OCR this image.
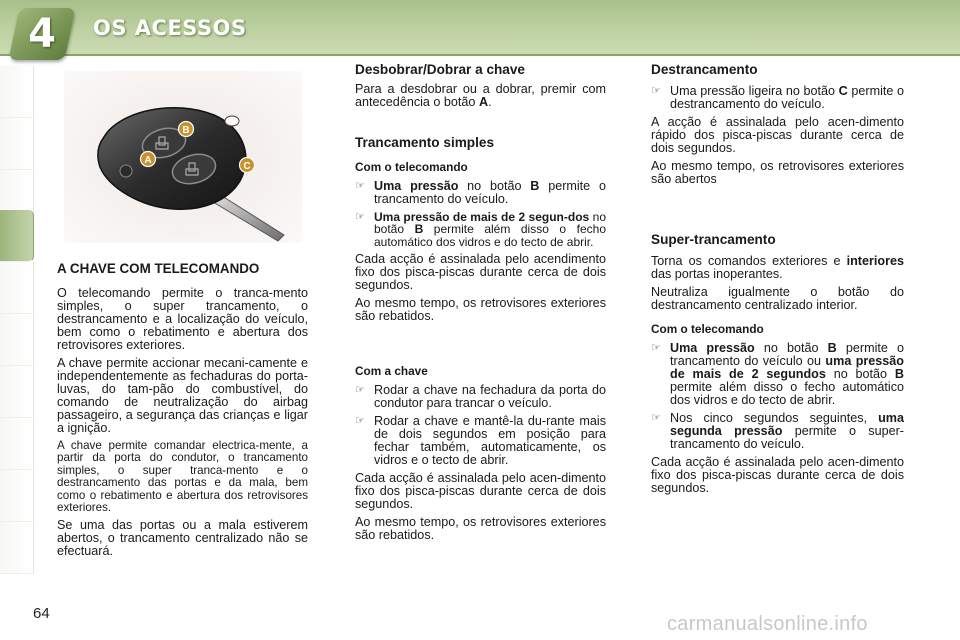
4	OS ACESSOS
B
C
A
A CHAVE COM TELECOMANDO

O telecomando permite o tranca-mento simples, o super trancamento, o destrancamento e a localização do veículo, bem como o rebatimento e abertura dos retrovisores exteriores.

A chave permite accionar mecani-camente e independentemente as fechaduras do porta-luvas, do tam-pão do combustível, do comando de neutralização do airbag passageiro, a segurança das crianças e ligar a ignição.

A chave permite comandar electrica-mente, a partir da porta do condutor, o trancamento simples, o super tranca-mento e o destrancamento das portas e da mala, bem como o rebatimento e abertura dos retrovisores exteriores.

Se uma das portas ou a mala estiverem abertos, o trancamento centralizado não se efectuará.

Desbobrar/Dobrar a chave

Para a desdobrar ou a dobrar, premir com antecedência o botão A.

Trancamento simples
Com o telecomando
☞ Uma pressão no botão B permite o trancamento do veículo.
☞ Uma pressão de mais de 2 segun-dos no botão B permite além disso o fecho automático dos vidros e do tecto de abrir.

Cada acção é assinalada pelo acendimento fixo dos pisca-piscas durante cerca de dois segundos.

Ao mesmo tempo, os retrovisores exteriores são rebatidos.

Com a chave
☞ Rodar a chave na fechadura da porta do condutor para trancar o veículo.
☞ Rodar a chave e mantê-la du-rante mais de dois segundos em posição para fechar também, automaticamente, os vidros e o tecto de abrir.

Cada acção é assinalada pelo acen-dimento fixo dos pisca-piscas durante cerca de dois segundos.

Ao mesmo tempo, os retrovisores exteriores são rebatidos.

Destrancamento
☞ Uma pressão ligeira no botão C permite o destrancamento do veículo.

A acção é assinalada pelo acen-dimento rápido dos pisca-piscas durante cerca de dois segundos.

Ao mesmo tempo, os retrovisores exteriores são abertos

Super-trancamento

Torna os comandos exteriores e interiores das portas inoperantes.

Neutraliza igualmente o botão do destrancamento centralizado interior.

Com o telecomando
☞ Uma pressão no botão B permite o trancamento do veículo ou uma pressão de mais de 2 segundos no botão B permite além disso o fecho automático dos vidros e do tecto de abrir.
☞ Nos cinco segundos seguintes, uma segunda pressão permite o super-trancamento do veículo.

Cada acção é assinalada pelo acen-dimento fixo dos pisca-piscas durante cerca de dois segundos.

64	carmanualsonline.info
